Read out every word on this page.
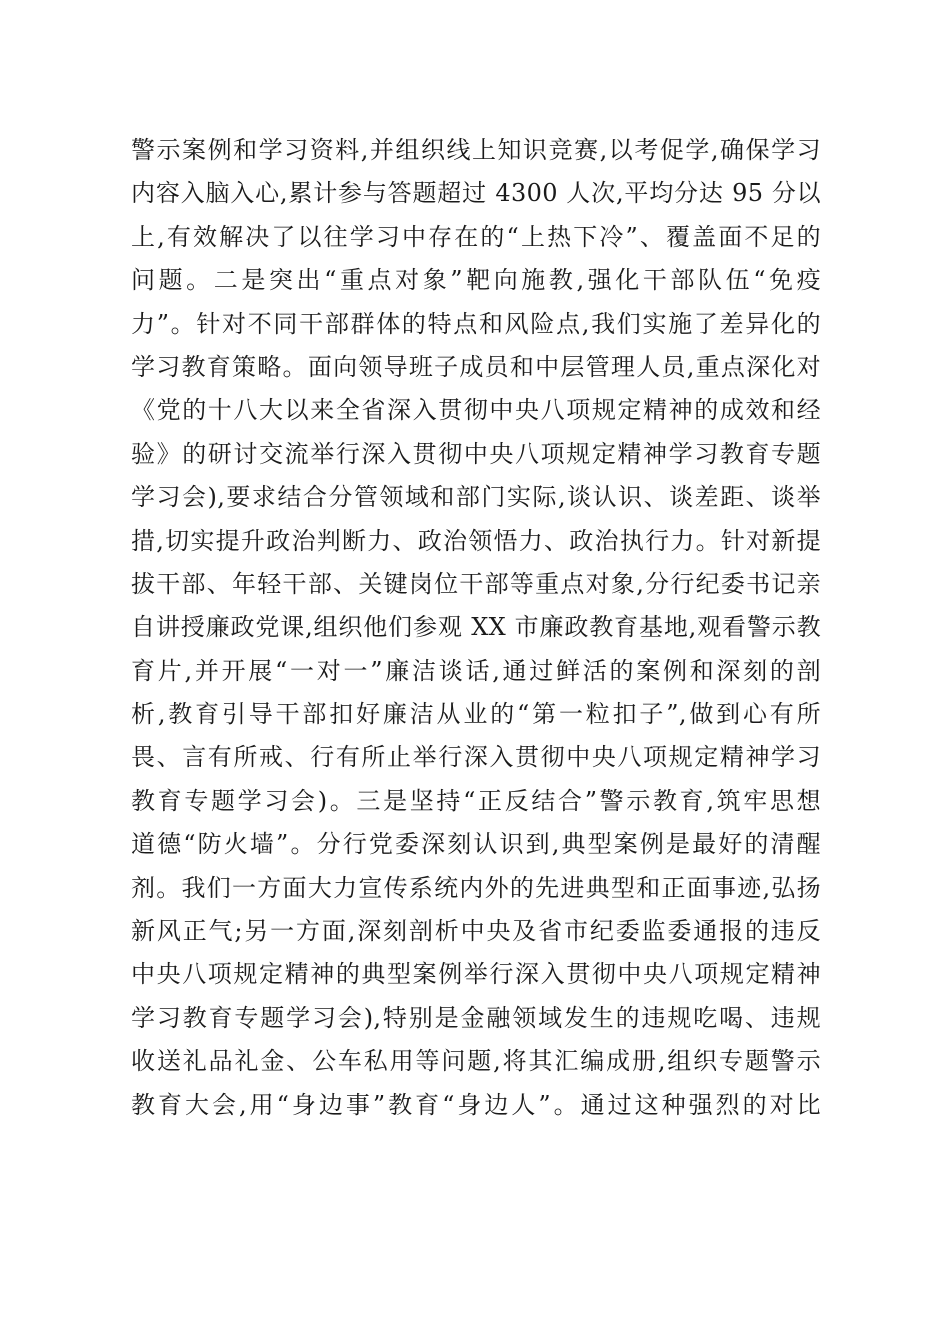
警示案例和学习资料,并组织线上知识竞赛,以考促学,确保学习
内容入脑入心,累计参与答题超过 4300 人次,平均分达 95 分以
上,有效解决了以往学习中存在的“上热下冷”、覆盖面不足的
问题。二是突出“重点对象”靶向施教,强化干部队伍“免疫
力”。针对不同干部群体的特点和风险点,我们实施了差异化的
学习教育策略。面向领导班子成员和中层管理人员,重点深化对
《党的十八大以来全省深入贯彻中央八项规定精神的成效和经
验》的研讨交流举行深入贯彻中央八项规定精神学习教育专题
学习会),要求结合分管领域和部门实际,谈认识、谈差距、谈举
措,切实提升政治判断力、政治领悟力、政治执行力。针对新提
拔干部、年轻干部、关键岗位干部等重点对象,分行纪委书记亲
自讲授廉政党课,组织他们参观 XX 市廉政教育基地,观看警示教
育片,并开展“一对一”廉洁谈话,通过鲜活的案例和深刻的剖
析,教育引导干部扣好廉洁从业的“第一粒扣子”,做到心有所
畏、言有所戒、行有所止举行深入贯彻中央八项规定精神学习
教育专题学习会)。三是坚持“正反结合”警示教育,筑牢思想
道德“防火墙”。分行党委深刻认识到,典型案例是最好的清醒
剂。我们一方面大力宣传系统内外的先进典型和正面事迹,弘扬
新风正气;另一方面,深刻剖析中央及省市纪委监委通报的违反
中央八项规定精神的典型案例举行深入贯彻中央八项规定精神
学习教育专题学习会),特别是金融领域发生的违规吃喝、违规
收送礼品礼金、公车私用等问题,将其汇编成册,组织专题警示
教育大会,用“身边事”教育“身边人”。通过这种强烈的对比
